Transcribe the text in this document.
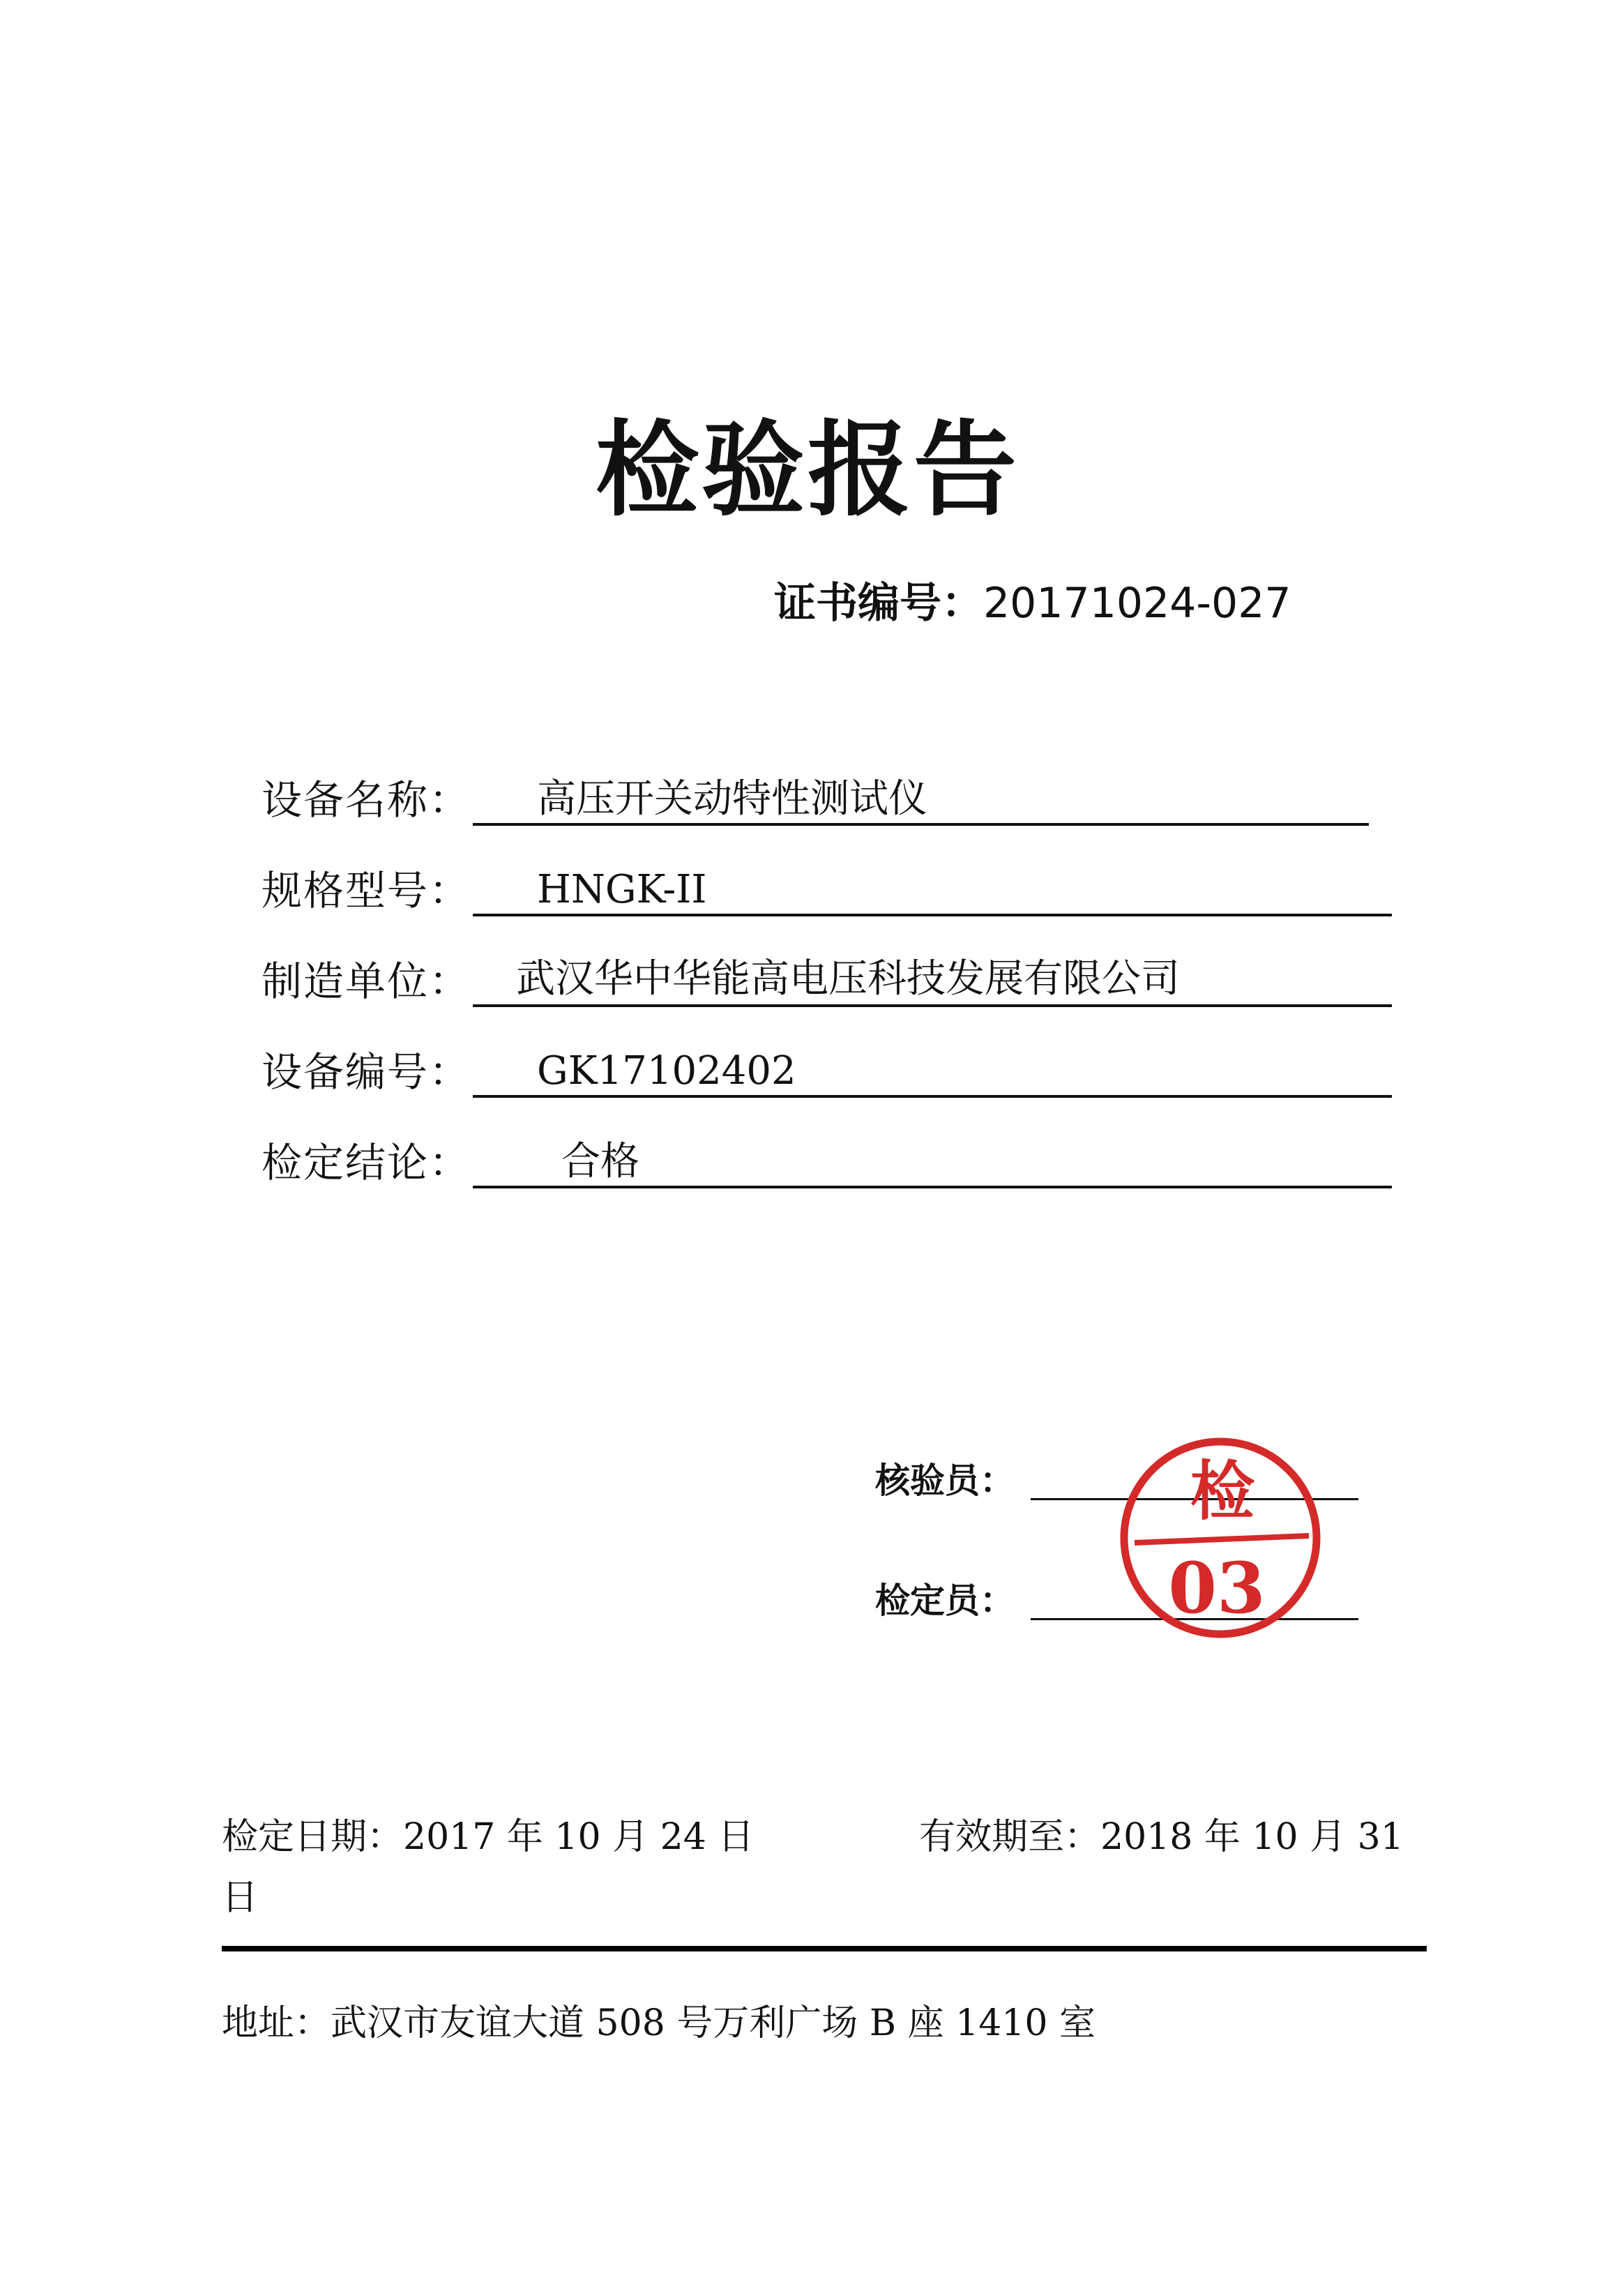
检验报告
证书编号：20171024-027
设备名称： 高压开关动特性测试仪
规格型号： HNGK-II
制造单位： 武汉华中华能高电压科技发展有限公司
设备编号： GK17102402
检定结论： 合格
核验员：
检定员：
检
03
检定日期：2017 年 10 月 24 日	有效期至：2018 年 10 月 31
日
地址：武汉市友谊大道 508 号万利广场 B 座 1410 室
